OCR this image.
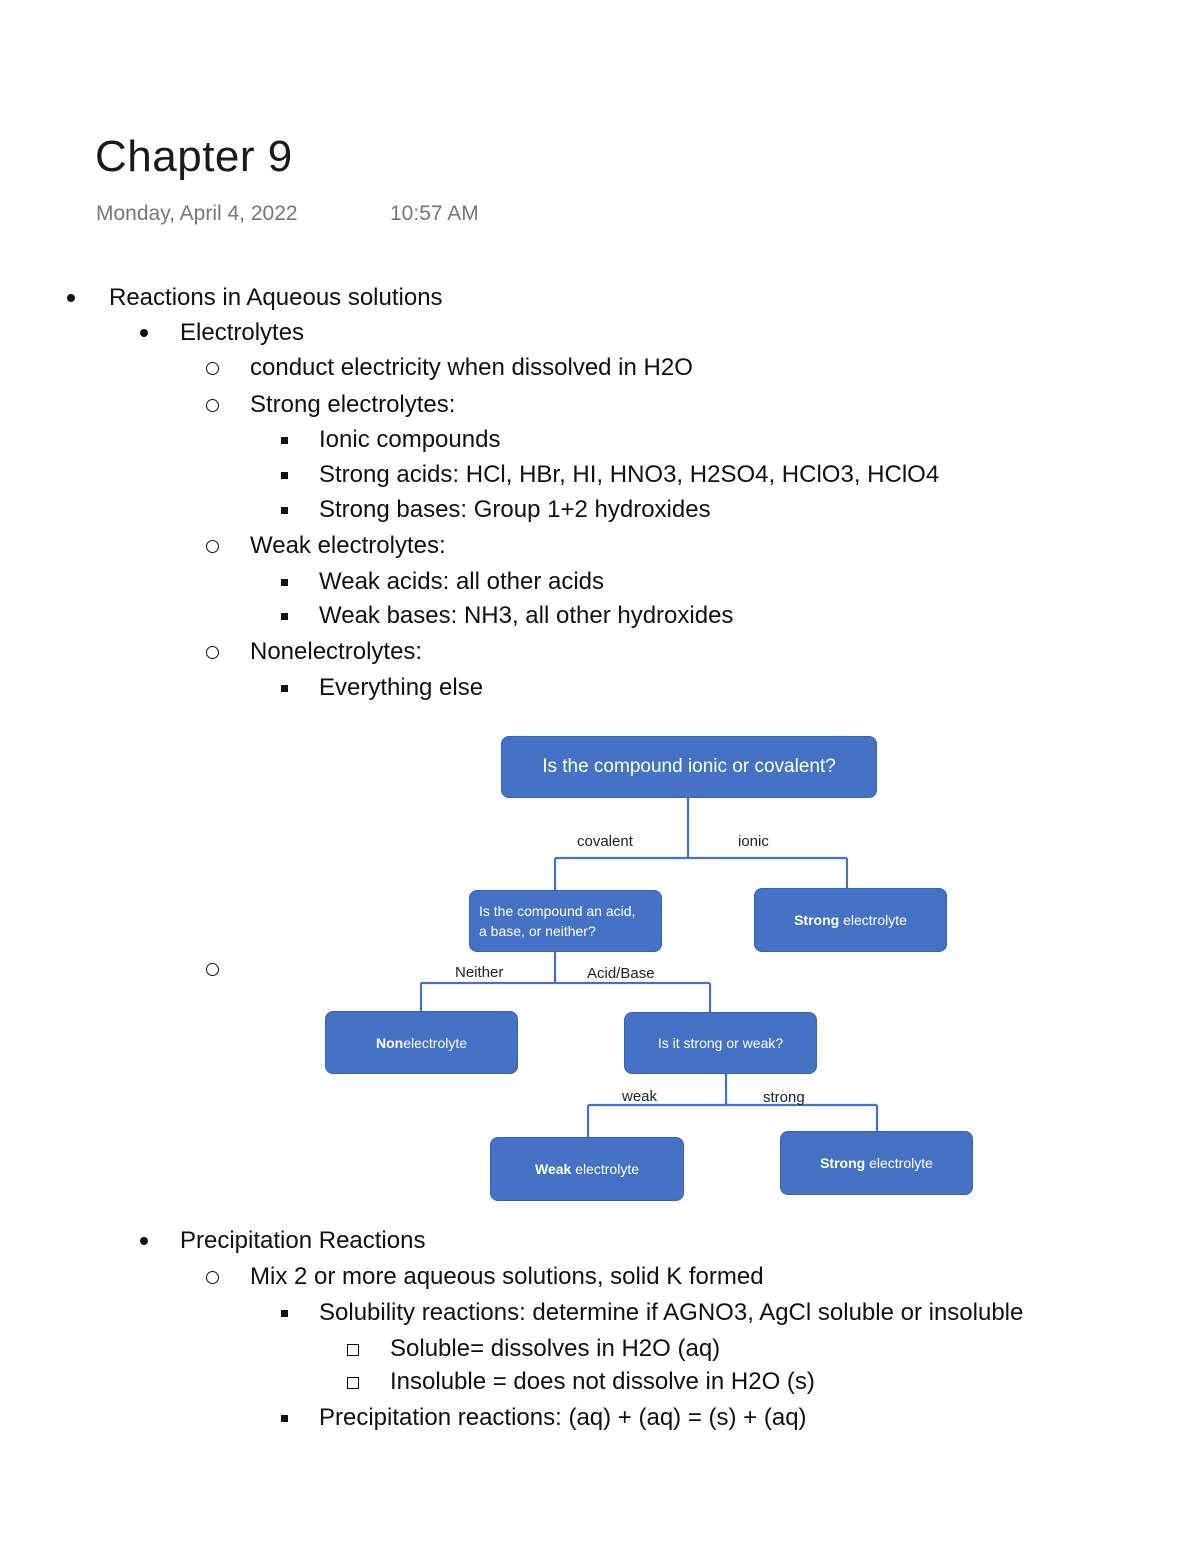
Chapter 9
Monday, April 4, 2022	10:57 AM
Reactions in Aqueous solutions
Electrolytes
conduct electricity when dissolved in H2O
Strong electrolytes:
Ionic compounds
Strong acids: HCl, HBr, HI, HNO3, H2SO4, HClO3, HClO4
Strong bases: Group 1+2 hydroxides
Weak electrolytes:
Weak acids: all other acids
Weak bases: NH3, all other hydroxides
Nonelectrolytes:
Everything else
Precipitation Reactions
Mix 2 or more aqueous solutions, solid K formed
Solubility reactions: determine if AGNO3, AgCl soluble or insoluble
Soluble= dissolves in H2O (aq)
Insoluble = does not dissolve in H2O (s)
Precipitation reactions: (aq) + (aq) = (s) + (aq)
Is the compound ionic or covalent?
covalent	ionic
Is the compound an acid,
a base, or neither?
Strong electrolyte
Neither	Acid/Base
Nonelectrolyte	Is it strong or weak?
weak	strong
Weak electrolyte	Strong electrolyte
